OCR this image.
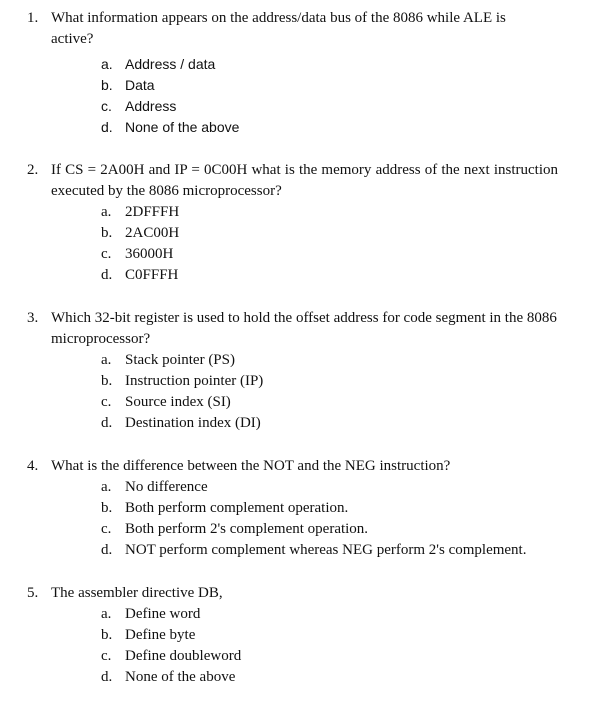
1. What information appears on the address/data bus of the 8086 while ALE is active?
a. Address / data
b. Data
c. Address
d. None of the above
2. If CS = 2A00H and IP = 0C00H what is the memory address of the next instruction executed by the 8086 microprocessor?
a. 2DFFFH
b. 2AC00H
c. 36000H
d. C0FFFH
3. Which 32-bit register is used to hold the offset address for code segment in the 8086 microprocessor?
a. Stack pointer (PS)
b. Instruction pointer (IP)
c. Source index (SI)
d. Destination index (DI)
4. What is the difference between the NOT and the NEG instruction?
a. No difference
b. Both perform complement operation.
c. Both perform 2's complement operation.
d. NOT perform complement whereas NEG perform 2's complement.
5. The assembler directive DB,
a. Define word
b. Define byte
c. Define doubleword
d. None of the above
